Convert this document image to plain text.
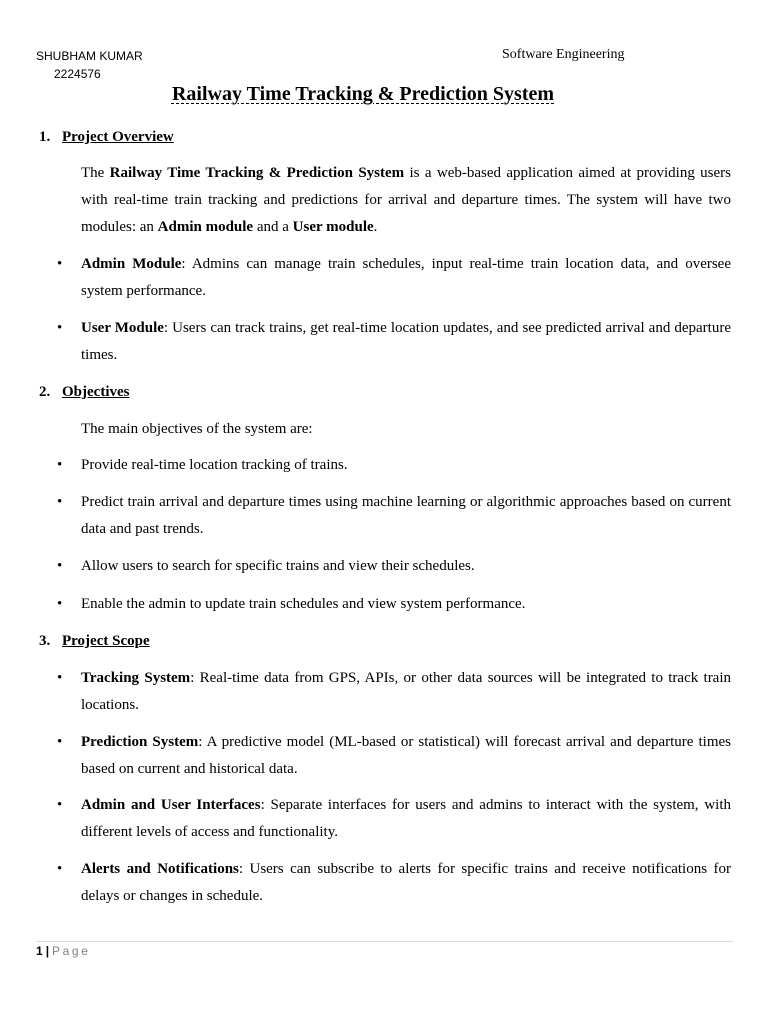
SHUBHAM KUMAR
2224576
Software Engineering
Railway Time Tracking & Prediction System
1. Project Overview
The Railway Time Tracking & Prediction System is a web-based application aimed at providing users with real-time train tracking and predictions for arrival and departure times. The system will have two modules: an Admin module and a User module.
• Admin Module: Admins can manage train schedules, input real-time train location data, and oversee system performance.
• User Module: Users can track trains, get real-time location updates, and see predicted arrival and departure times.
2. Objectives
The main objectives of the system are:
• Provide real-time location tracking of trains.
• Predict train arrival and departure times using machine learning or algorithmic approaches based on current data and past trends.
• Allow users to search for specific trains and view their schedules.
• Enable the admin to update train schedules and view system performance.
3. Project Scope
• Tracking System: Real-time data from GPS, APIs, or other data sources will be integrated to track train locations.
• Prediction System: A predictive model (ML-based or statistical) will forecast arrival and departure times based on current and historical data.
• Admin and User Interfaces: Separate interfaces for users and admins to interact with the system, with different levels of access and functionality.
• Alerts and Notifications: Users can subscribe to alerts for specific trains and receive notifications for delays or changes in schedule.
1 | Page
